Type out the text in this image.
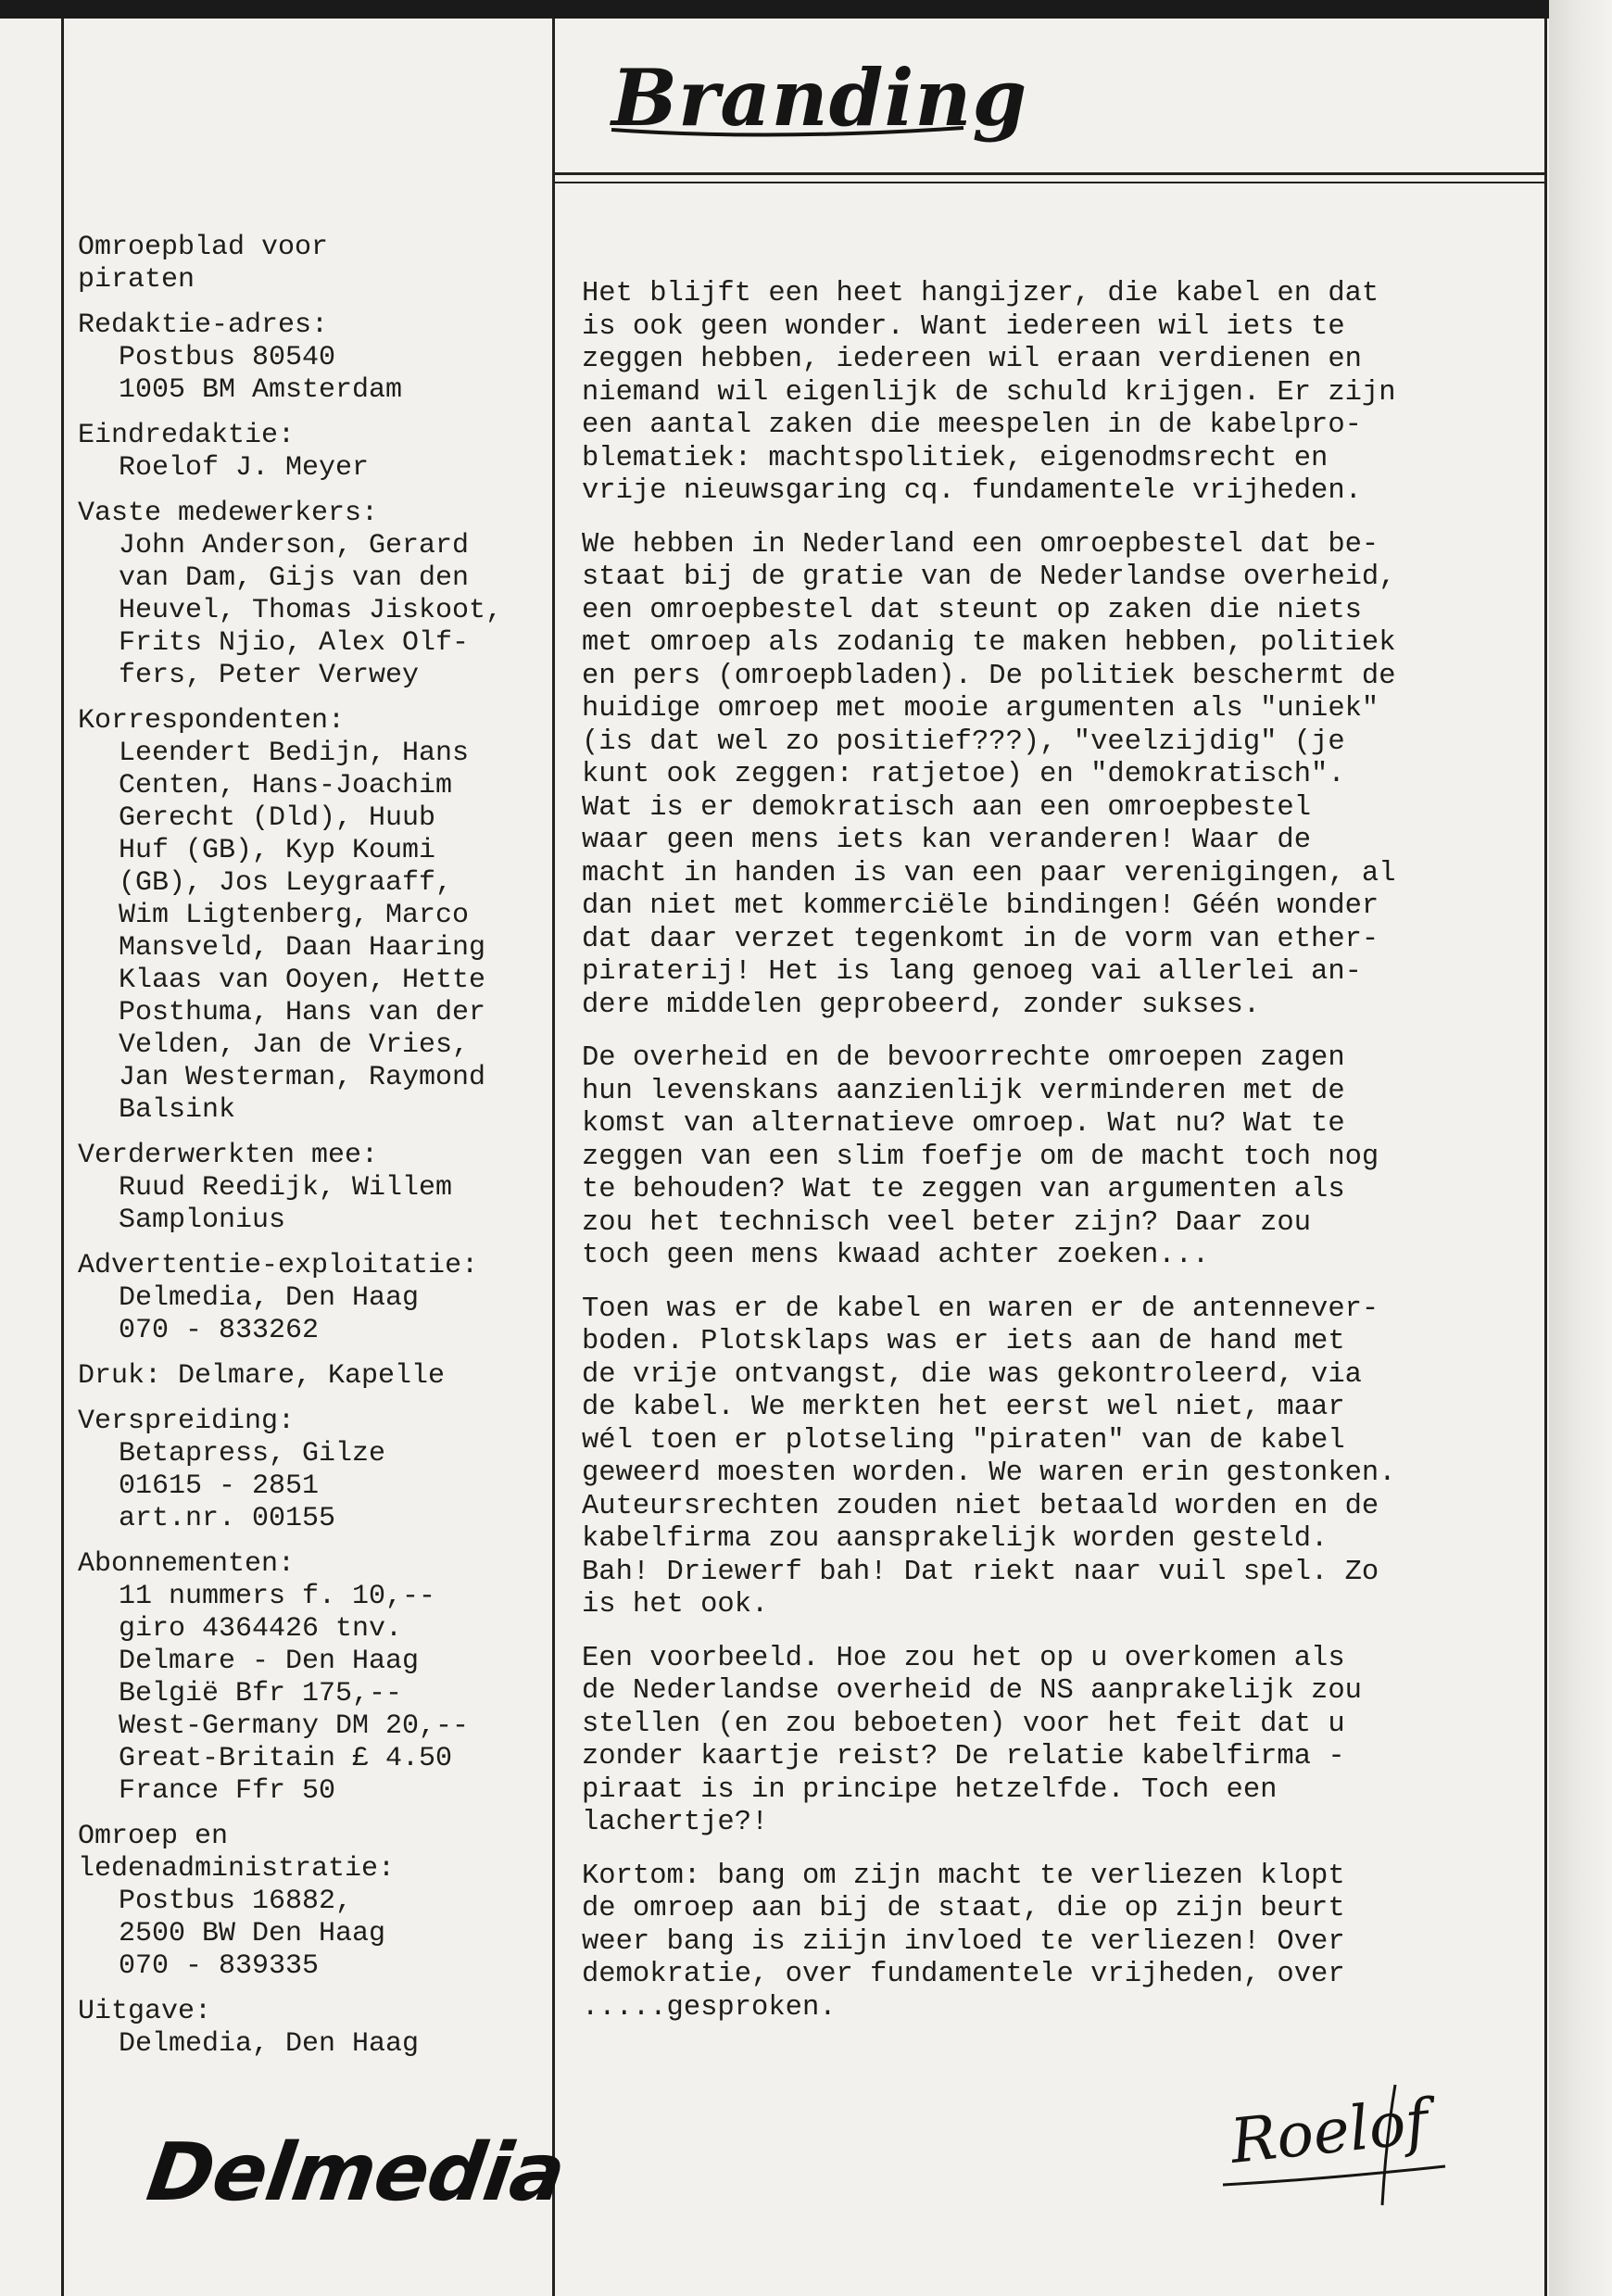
Branding
Omroepblad voor
piraten
Redaktie-adres:
Postbus 80540
1005 BM Amsterdam
Eindredaktie:
Roelof J. Meyer
Vaste medewerkers:
John Anderson, Gerard
van Dam, Gijs van den
Heuvel, Thomas Jiskoot,
Frits Njio, Alex Olf-
fers, Peter Verwey
Korrespondenten:
Leendert Bedijn, Hans
Centen, Hans-Joachim
Gerecht (Dld), Huub
Huf (GB), Kyp Koumi
(GB), Jos Leygraaff,
Wim Ligtenberg, Marco
Mansveld, Daan Haaring
Klaas van Ooyen, Hette
Posthuma, Hans van der
Velden, Jan de Vries,
Jan Westerman, Raymond
Balsink
Verderwerkten mee:
Ruud Reedijk, Willem
Samplonius
Advertentie-exploitatie:
Delmedia, Den Haag
070 - 833262
Druk: Delmare, Kapelle
Verspreiding:
Betapress, Gilze
01615 - 2851
art.nr. 00155
Abonnementen:
11 nummers f. 10,--
giro 4364426 tnv.
Delmare - Den Haag
België Bfr 175,--
West-Germany DM 20,--
Great-Britain £ 4.50
France Ffr 50
Omroep en
ledenadministratie:
Postbus 16882,
2500 BW Den Haag
070 - 839335
Uitgave:
Delmedia, Den Haag
Delmedia
Het blijft een heet hangijzer, die kabel en dat
is ook geen wonder. Want iedereen wil iets te
zeggen hebben, iedereen wil eraan verdienen en
niemand wil eigenlijk de schuld krijgen. Er zijn
een aantal zaken die meespelen in de kabelpro-
blematiek: machtspolitiek, eigenodmsrecht en
vrije nieuwsgaring cq. fundamentele vrijheden.
We hebben in Nederland een omroepbestel dat be-
staat bij de gratie van de Nederlandse overheid,
een omroepbestel dat steunt op zaken die niets
met omroep als zodanig te maken hebben, politiek
en pers (omroepbladen). De politiek beschermt de
huidige omroep met mooie argumenten als "uniek"
(is dat wel zo positief???), "veelzijdig" (je
kunt ook zeggen: ratjetoe) en "demokratisch".
Wat is er demokratisch aan een omroepbestel
waar geen mens iets kan veranderen! Waar de
macht in handen is van een paar verenigingen, al
dan niet met kommerciële bindingen! Géén wonder
dat daar verzet tegenkomt in de vorm van ether-
piraterij! Het is lang genoeg vai allerlei an-
dere middelen geprobeerd, zonder sukses.
De overheid en de bevoorrechte omroepen zagen
hun levenskans aanzienlijk verminderen met de
komst van alternatieve omroep. Wat nu? Wat te
zeggen van een slim foefje om de macht toch nog
te behouden? Wat te zeggen van argumenten als
zou het technisch veel beter zijn? Daar zou
toch geen mens kwaad achter zoeken...
Toen was er de kabel en waren er de antennever-
boden. Plotsklaps was er iets aan de hand met
de vrije ontvangst, die was gekontroleerd, via
de kabel. We merkten het eerst wel niet, maar
wél toen er plotseling "piraten" van de kabel
geweerd moesten worden. We waren erin gestonken.
Auteursrechten zouden niet betaald worden en de
kabelfirma zou aansprakelijk worden gesteld.
Bah! Driewerf bah! Dat riekt naar vuil spel. Zo
is het ook.
Een voorbeeld. Hoe zou het op u overkomen als
de Nederlandse overheid de NS aanprakelijk zou
stellen (en zou beboeten) voor het feit dat u
zonder kaartje reist? De relatie kabelfirma -
piraat is in principe hetzelfde. Toch een
lachertje?!
Kortom: bang om zijn macht te verliezen klopt
de omroep aan bij de staat, die op zijn beurt
weer bang is ziijn invloed te verliezen! Over
demokratie, over fundamentele vrijheden, over
.....gesproken.
Roelof
